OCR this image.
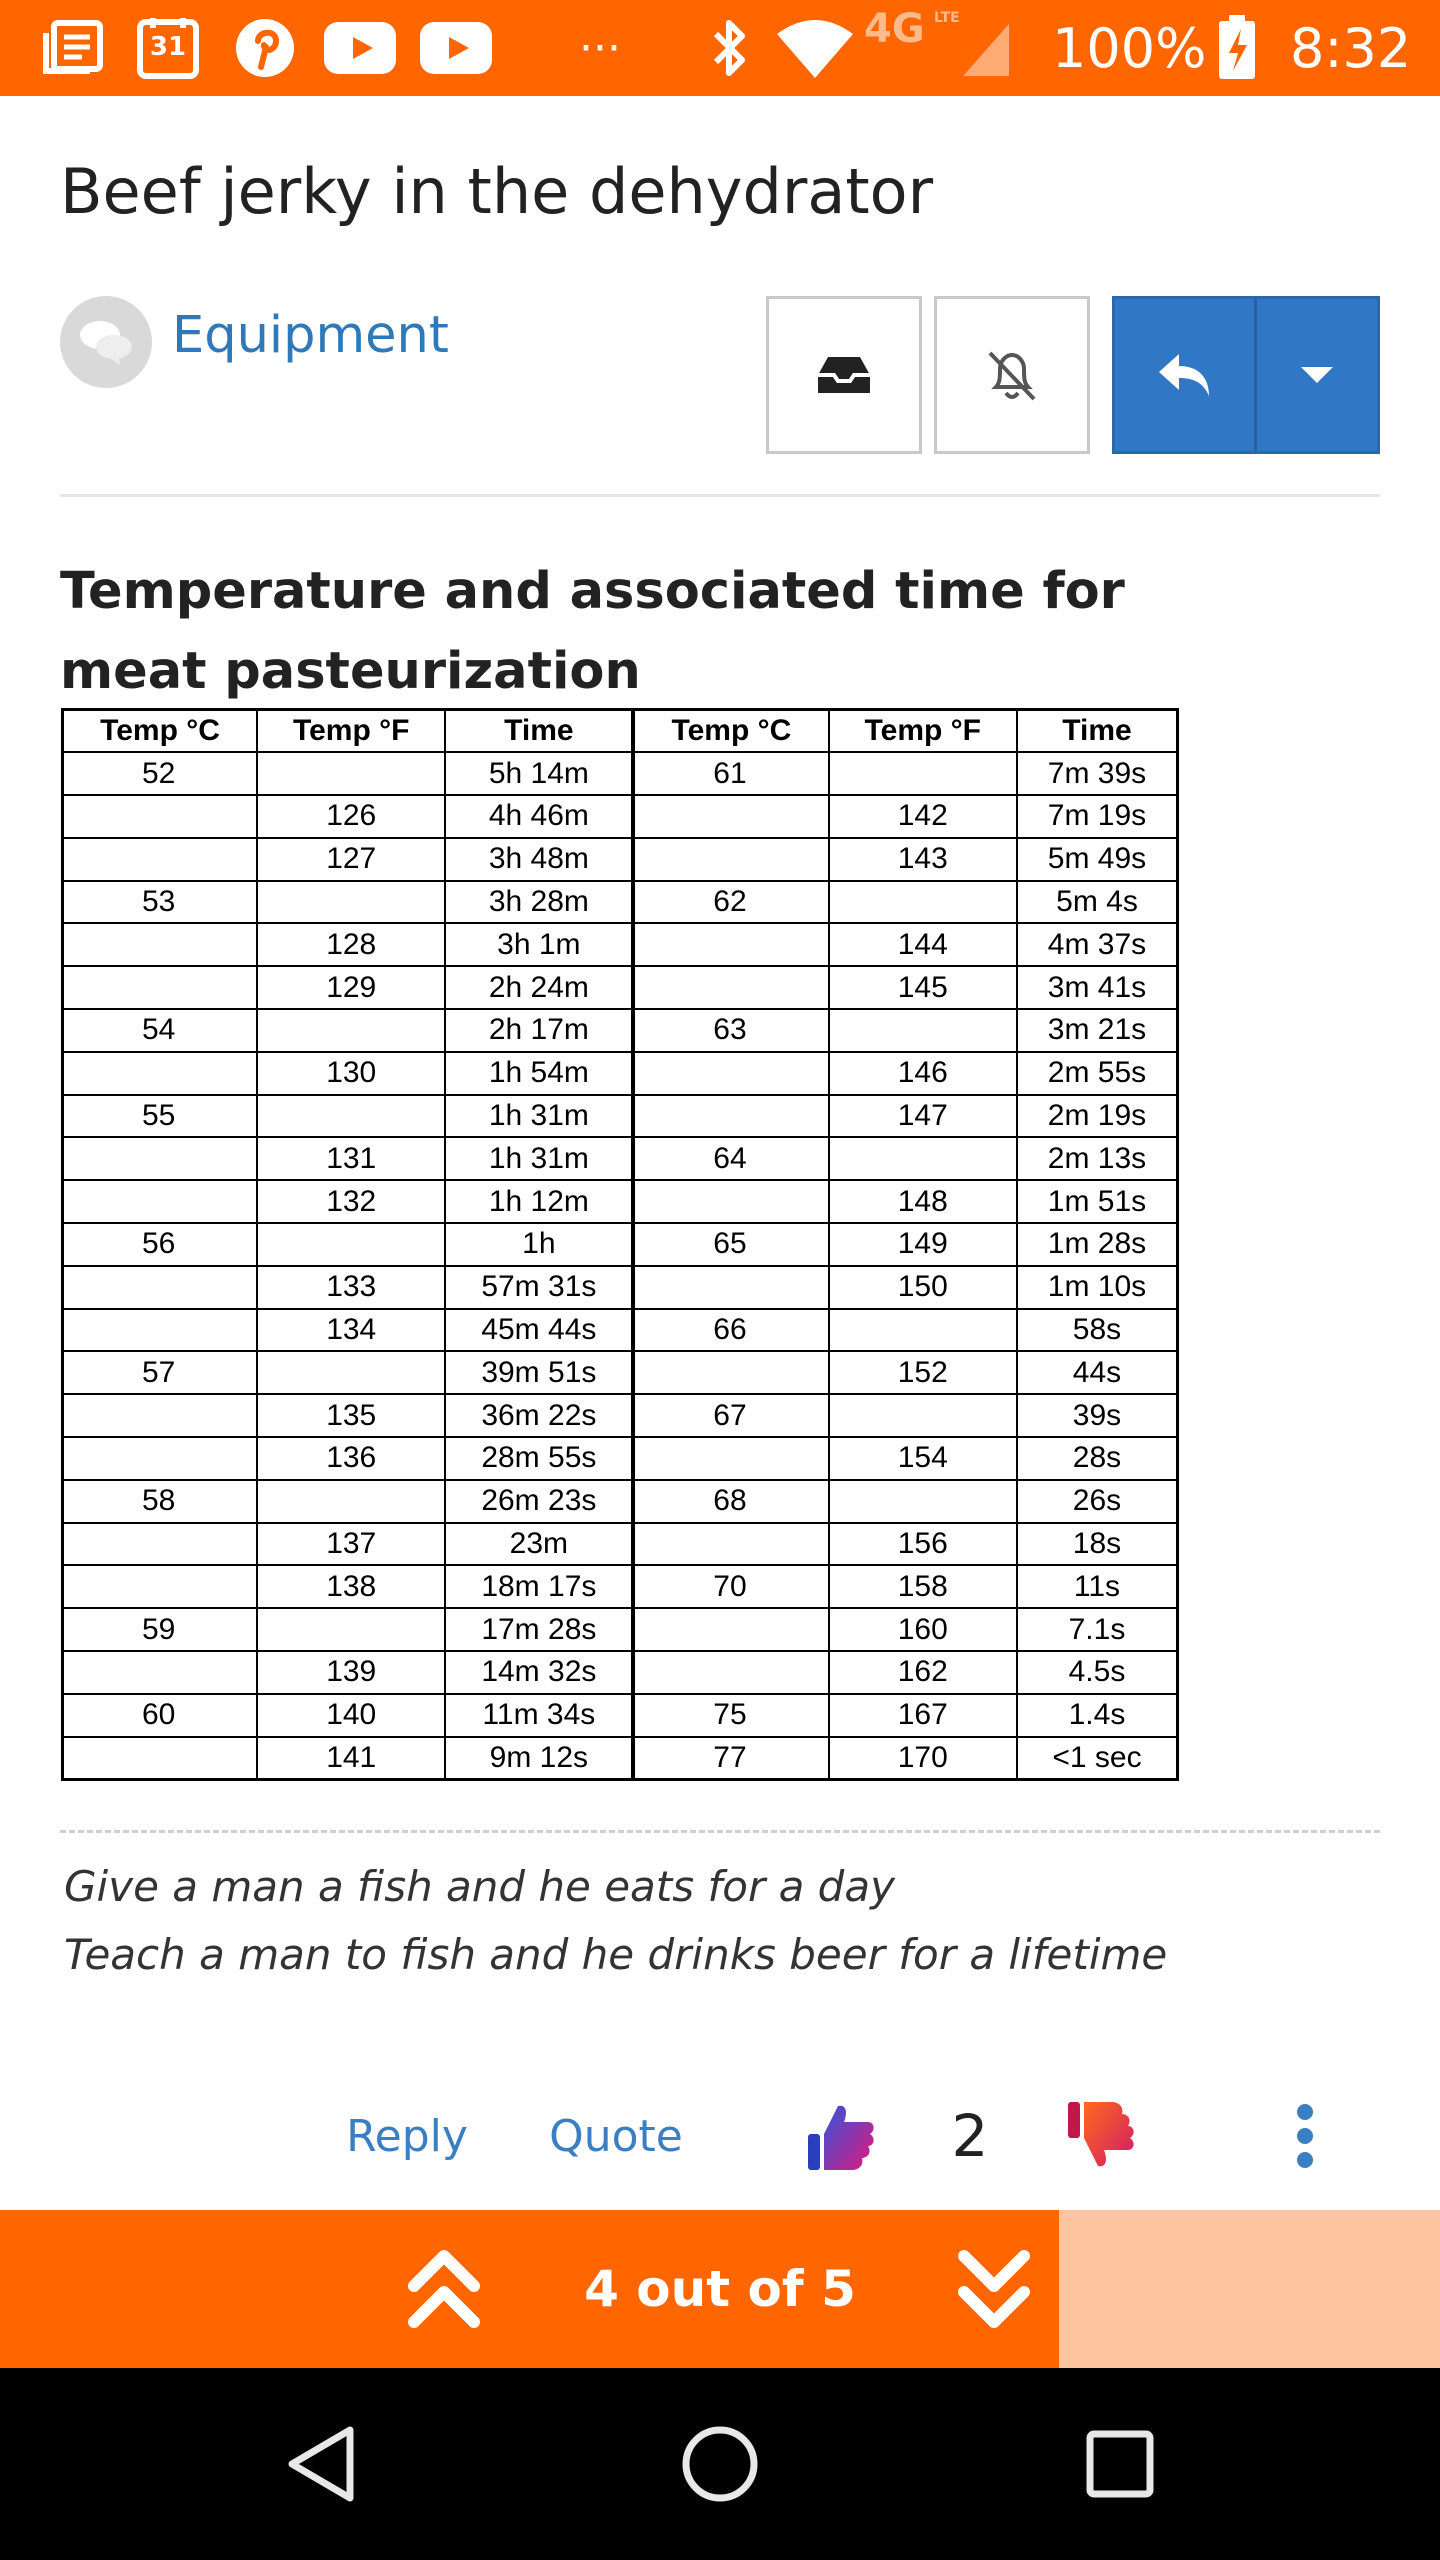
31	···	4G LTE 100% 8:32
Beef jerky in the dehydrator
Equipment
Temperature and associated time for meat pasteurization
Temp °C	Temp °F	Time	Temp °C	Temp °F	Time
52		5h 14m	61		7m 39s
	126	4h 46m		142	7m 19s
	127	3h 48m		143	5m 49s
53		3h 28m	62		5m 4s
	128	3h 1m		144	4m 37s
	129	2h 24m		145	3m 41s
54		2h 17m	63		3m 21s
	130	1h 54m		146	2m 55s
55		1h 31m		147	2m 19s
	131	1h 31m	64		2m 13s
	132	1h 12m		148	1m 51s
56		1h	65	149	1m 28s
	133	57m 31s		150	1m 10s
	134	45m 44s	66		58s
57		39m 51s		152	44s
	135	36m 22s	67		39s
	136	28m 55s		154	28s
58		26m 23s	68		26s
	137	23m		156	18s
	138	18m 17s	70	158	11s
59		17m 28s		160	7.1s
	139	14m 32s		162	4.5s
60	140	11m 34s	75	167	1.4s
	141	9m 12s	77	170	<1 sec
Give a man a fish and he eats for a day
Teach a man to fish and he drinks beer for a lifetime
Reply Quote	2
4 out of 5
